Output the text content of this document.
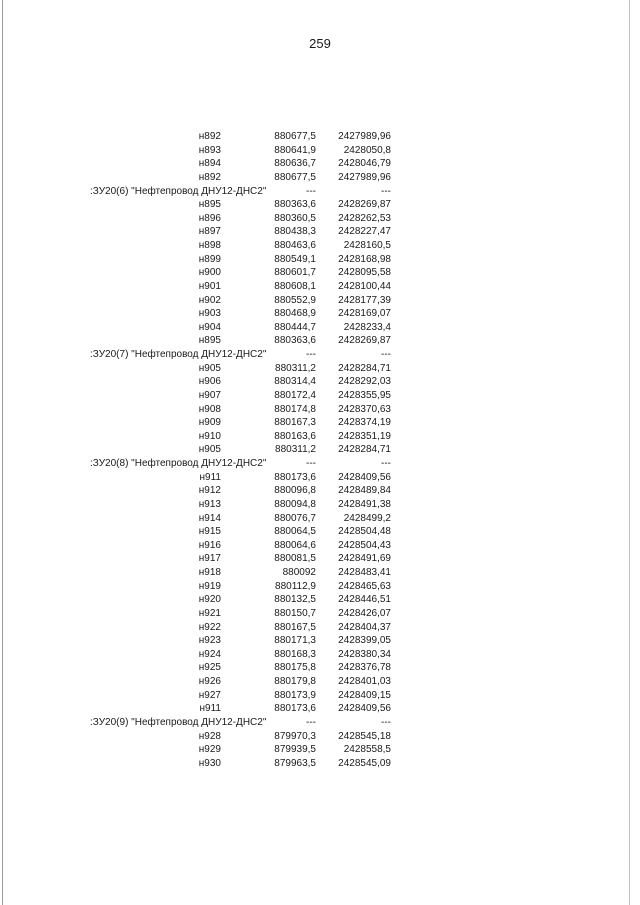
259
н892	880677,5 2427989,96
н893	880641,9	2428050,8
н894	880636,7 2428046,79
н892	880677,5 2427989,96
:ЗУ20(6) "Нефтепровод ДНУ12-ДНС2"	---	---
н895	880363,6 2428269,87
н896	880360,5 2428262,53
н897	880438,3 2428227,47
н898	880463,6	2428160,5
н899	880549,1 2428168,98
н900	880601,7 2428095,58
н901	880608,1 2428100,44
н902	880552,9 2428177,39
н903	880468,9 2428169,07
н904	880444,7	2428233,4
н895	880363,6 2428269,87
:ЗУ20(7) "Нефтепровод ДНУ12-ДНС2"	---	---
н905	880311,2 2428284,71
н906	880314,4 2428292,03
н907	880172,4 2428355,95
н908	880174,8 2428370,63
н909	880167,3 2428374,19
н910	880163,6 2428351,19
н905	880311,2 2428284,71
:ЗУ20(8) "Нефтепровод ДНУ12-ДНС2"	---	---
н911	880173,6 2428409,56
н912	880096,8 2428489,84
н913	880094,8 2428491,38
н914	880076,7	2428499,2
н915	880064,5 2428504,48
н916	880064,6 2428504,43
н917	880081,5 2428491,69
н918	880092 2428483,41
н919	880112,9 2428465,63
н920	880132,5 2428446,51
н921	880150,7 2428426,07
н922	880167,5 2428404,37
н923	880171,3 2428399,05
н924	880168,3 2428380,34
н925	880175,8 2428376,78
н926	880179,8 2428401,03
н927	880173,9 2428409,15
н911	880173,6 2428409,56
:ЗУ20(9) "Нефтепровод ДНУ12-ДНС2"	---	---
н928	879970,3 2428545,18
н929	879939,5	2428558,5
н930	879963,5 2428545,09
